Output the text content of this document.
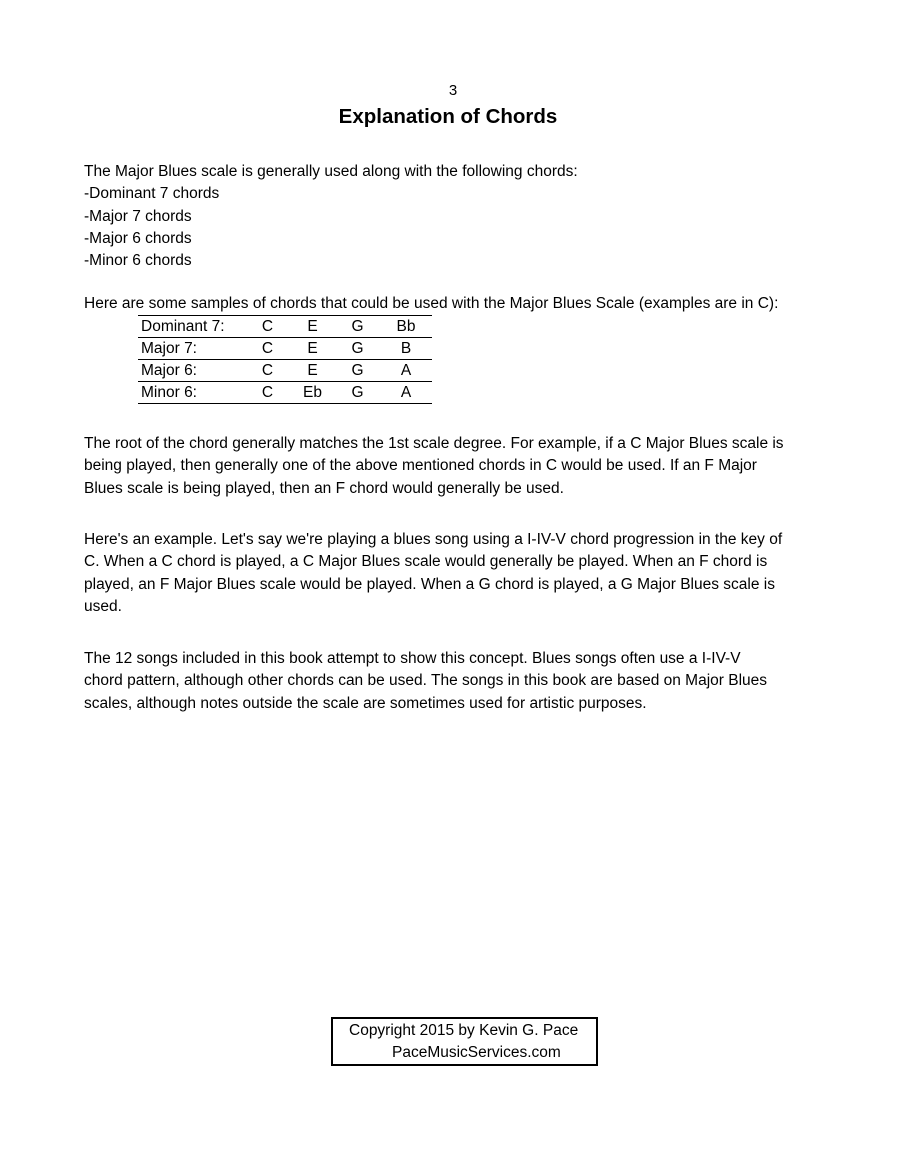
3
Explanation of Chords

The Major Blues scale is generally used along with the following chords:
-Dominant 7 chords
-Major 7 chords
-Major 6 chords
-Minor 6 chords

Here are some samples of chords that could be used with the Major Blues Scale (examples are in C):

Dominant 7:	C	E	G	Bb
Major 7:	C	E	G	B
Major 6:	C	E	G	A
Minor 6:	C	Eb	G	A

The root of the chord generally matches the 1st scale degree. For example, if a C Major Blues scale is
being played, then generally one of the above mentioned chords in C would be used. If an F Major
Blues scale is being played, then an F chord would generally be used.

Here's an example. Let's say we're playing a blues song using a I-IV-V chord progression in the key of
C. When a C chord is played, a C Major Blues scale would generally be played. When an F chord is
played, an F Major Blues scale would be played. When a G chord is played, a G Major Blues scale is
used.

The 12 songs included in this book attempt to show this concept. Blues songs often use a I-IV-V
chord pattern, although other chords can be used. The songs in this book are based on Major Blues
scales, although notes outside the scale are sometimes used for artistic purposes.

Copyright 2015 by Kevin G. Pace
PaceMusicServices.com
